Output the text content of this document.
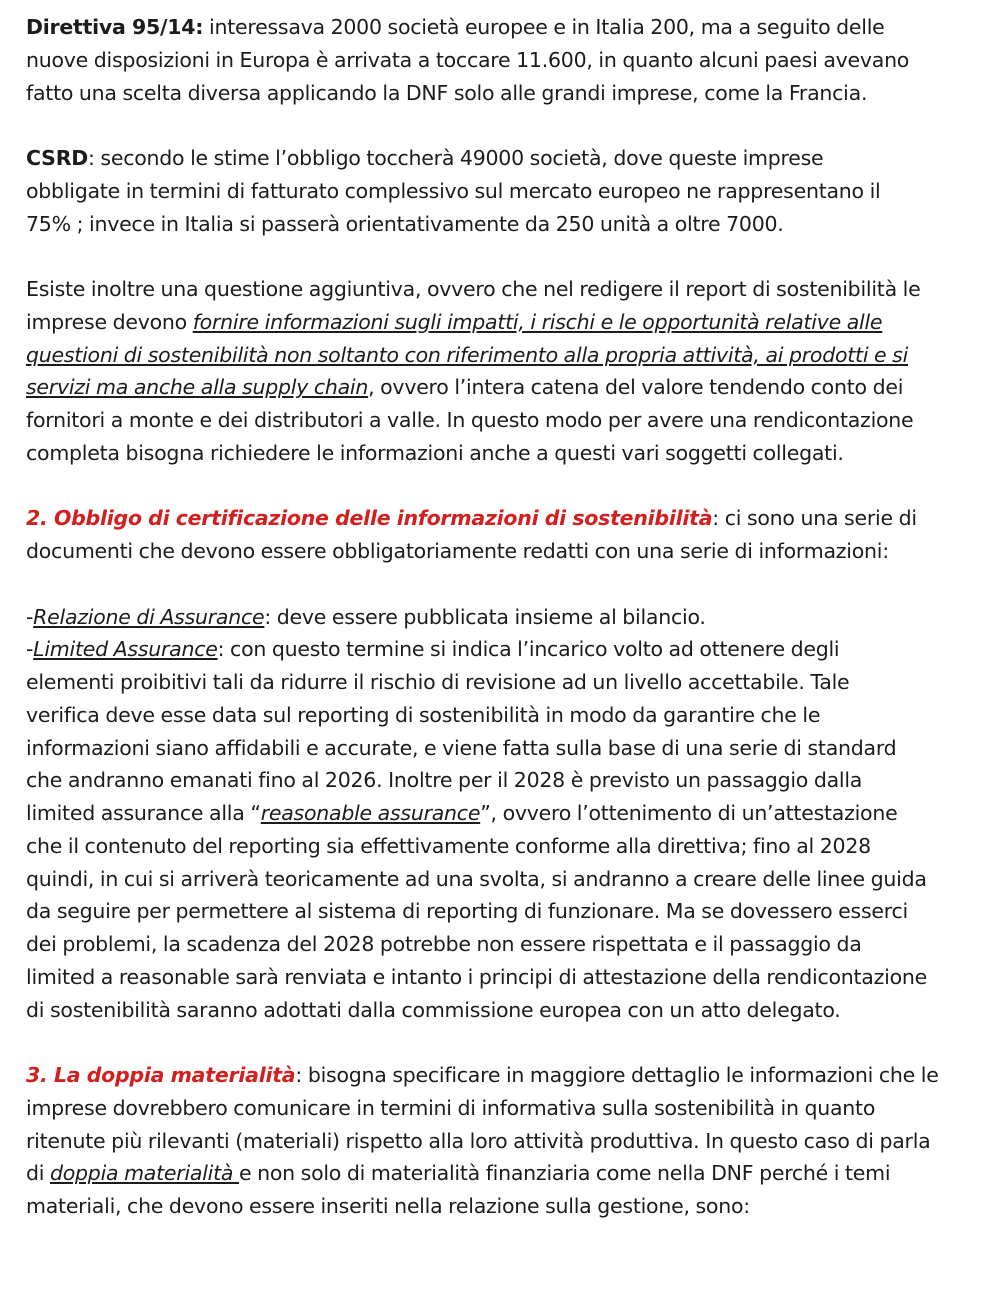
Direttiva 95/14: interessava 2000 società europee e in Italia 200, ma a seguito delle
nuove disposizioni in Europa è arrivata a toccare 11.600, in quanto alcuni paesi avevano
fatto una scelta diversa applicando la DNF solo alle grandi imprese, come la Francia.
CSRD: secondo le stime l’obbligo toccherà 49000 società, dove queste imprese
obbligate in termini di fatturato complessivo sul mercato europeo ne rappresentano il
75% ; invece in Italia si passerà orientativamente da 250 unità a oltre 7000.
Esiste inoltre una questione aggiuntiva, ovvero che nel redigere il report di sostenibilità le
imprese devono fornire informazioni sugli impatti, i rischi e le opportunità relative alle
questioni di sostenibilità non soltanto con riferimento alla propria attività, ai prodotti e si
servizi ma anche alla supply chain, ovvero l’intera catena del valore tendendo conto dei
fornitori a monte e dei distributori a valle. In questo modo per avere una rendicontazione
completa bisogna richiedere le informazioni anche a questi vari soggetti collegati.
2. Obbligo di certificazione delle informazioni di sostenibilità: ci sono una serie di
documenti che devono essere obbligatoriamente redatti con una serie di informazioni:
-Relazione di Assurance: deve essere pubblicata insieme al bilancio.
-Limited Assurance: con questo termine si indica l’incarico volto ad ottenere degli
elementi proibitivi tali da ridurre il rischio di revisione ad un livello accettabile. Tale
verifica deve esse data sul reporting di sostenibilità in modo da garantire che le
informazioni siano affidabili e accurate, e viene fatta sulla base di una serie di standard
che andranno emanati fino al 2026. Inoltre per il 2028 è previsto un passaggio dalla
limited assurance alla “reasonable assurance”, ovvero l’ottenimento di un’attestazione
che il contenuto del reporting sia effettivamente conforme alla direttiva; fino al 2028
quindi, in cui si arriverà teoricamente ad una svolta, si andranno a creare delle linee guida
da seguire per permettere al sistema di reporting di funzionare. Ma se dovessero esserci
dei problemi, la scadenza del 2028 potrebbe non essere rispettata e il passaggio da
limited a reasonable sarà renviata e intanto i principi di attestazione della rendicontazione
di sostenibilità saranno adottati dalla commissione europea con un atto delegato.
3. La doppia materialità: bisogna specificare in maggiore dettaglio le informazioni che le
imprese dovrebbero comunicare in termini di informativa sulla sostenibilità in quanto
ritenute più rilevanti (materiali) rispetto alla loro attività produttiva. In questo caso di parla
di doppia materialità e non solo di materialità finanziaria come nella DNF perché i temi
materiali, che devono essere inseriti nella relazione sulla gestione, sono:
